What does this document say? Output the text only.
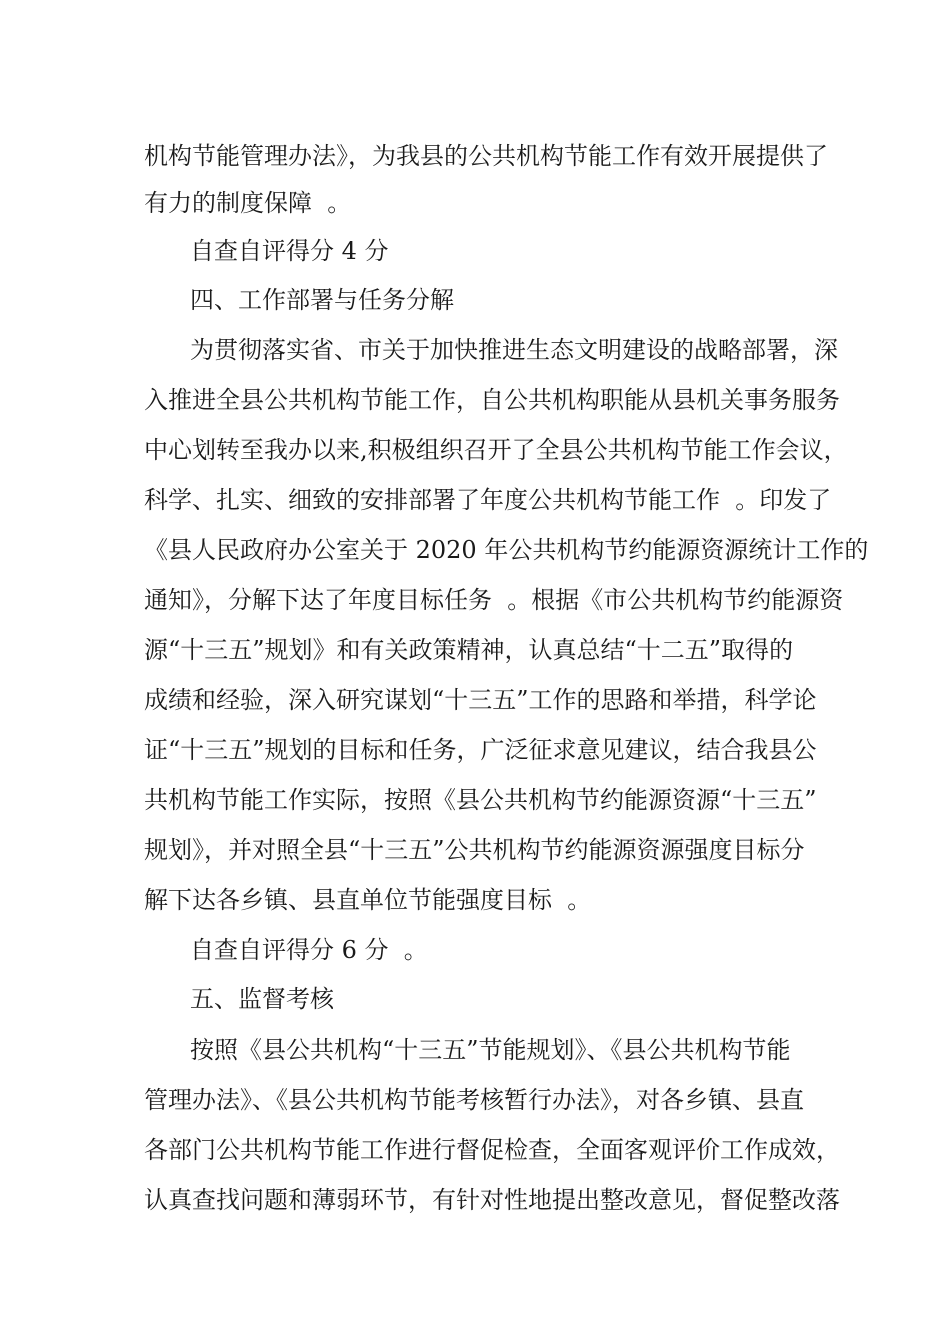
机构节能管理办法》，为我县的公共机构节能工作有效开展提供了
有力的制度保障  。
自查自评得分 4 分
四、工作部署与任务分解
为贯彻落实省、市关于加快推进生态文明建设的战略部署，深
入推进全县公共机构节能工作，自公共机构职能从县机关事务服务
中心划转至我办以来,积极组织召开了全县公共机构节能工作会议，
科学、扎实、细致的安排部署了年度公共机构节能工作  。印发了
《县人民政府办公室关于 2020 年公共机构节约能源资源统计工作的
通知》，分解下达了年度目标任务  。根据《市公共机构节约能源资
源“十三五”规划》和有关政策精神，认真总结“十二五”取得的
成绩和经验，深入研究谋划“十三五”工作的思路和举措，科学论
证“十三五”规划的目标和任务，广泛征求意见建议，结合我县公
共机构节能工作实际，按照《县公共机构节约能源资源“十三五”
规划》，并对照全县“十三五”公共机构节约能源资源强度目标分
解下达各乡镇、县直单位节能强度目标  。
自查自评得分 6 分  。
五、监督考核
按照《县公共机构“十三五”节能规划》、《县公共机构节能
管理办法》、《县公共机构节能考核暂行办法》，对各乡镇、县直
各部门公共机构节能工作进行督促检查，全面客观评价工作成效，
认真查找问题和薄弱环节，有针对性地提出整改意见，督促整改落
